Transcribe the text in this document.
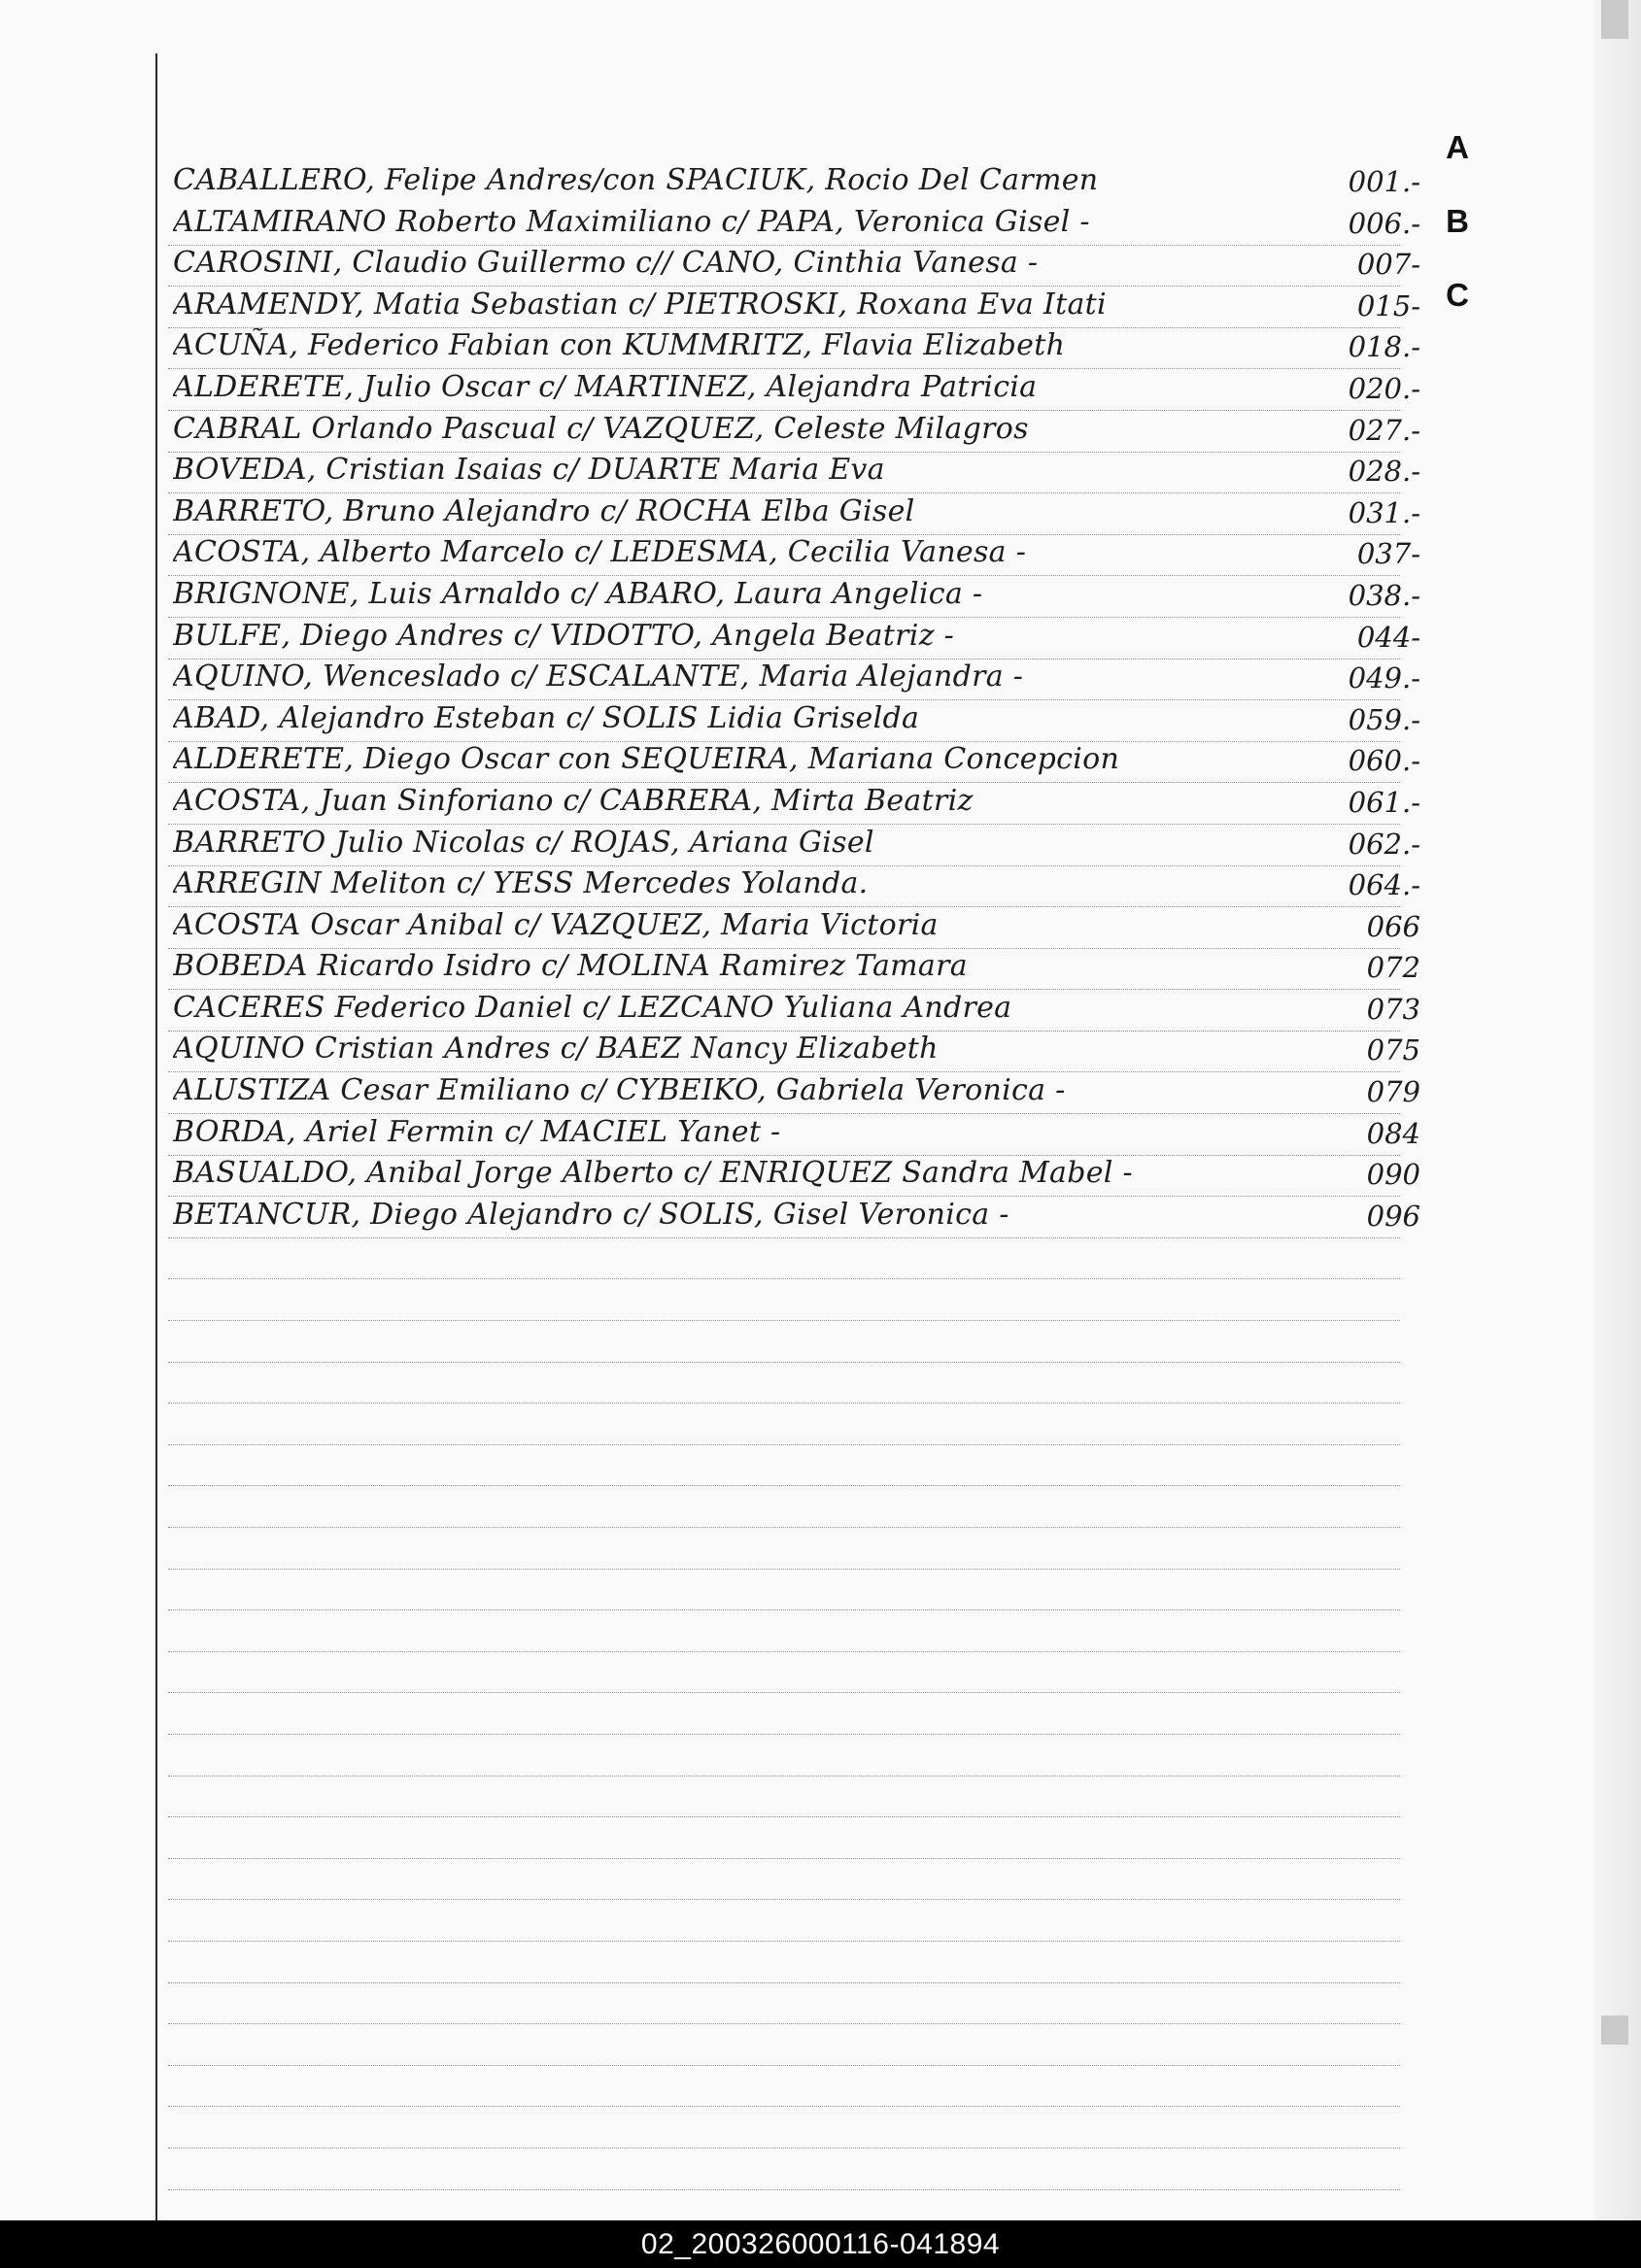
A
B
C
CABALLERO, Felipe Andres/con SPACIUK, Rocio Del Carmen	001.-
ALTAMIRANO Roberto Maximiliano c/ PAPA, Veronica Gisel -	006.-
CAROSINI, Claudio Guillermo c// CANO, Cinthia Vanesa -	007-
ARAMENDY, Matia Sebastian c/ PIETROSKI, Roxana Eva Itati	015-
ACUÑA, Federico Fabian con KUMMRITZ, Flavia Elizabeth	018.-
ALDERETE, Julio Oscar c/ MARTINEZ, Alejandra Patricia	020.-
CABRAL Orlando Pascual c/ VAZQUEZ, Celeste Milagros	027.-
BOVEDA, Cristian Isaias c/ DUARTE Maria Eva	028.-
BARRETO, Bruno Alejandro c/ ROCHA Elba Gisel	031.-
ACOSTA, Alberto Marcelo c/ LEDESMA, Cecilia Vanesa -	037-
BRIGNONE, Luis Arnaldo c/ ABARO, Laura Angelica -	038.-
BULFE, Diego Andres c/ VIDOTTO, Angela Beatriz -	044-
AQUINO, Wenceslado c/ ESCALANTE, Maria Alejandra -	049.-
ABAD, Alejandro Esteban c/ SOLIS Lidia Griselda	059.-
ALDERETE, Diego Oscar con SEQUEIRA, Mariana Concepcion	060.-
ACOSTA, Juan Sinforiano c/ CABRERA, Mirta Beatriz	061.-
BARRETO Julio Nicolas c/ ROJAS, Ariana Gisel	062.-
ARREGIN Meliton c/ YESS Mercedes Yolanda.	064.-
ACOSTA Oscar Anibal c/ VAZQUEZ, Maria Victoria	066
BOBEDA Ricardo Isidro c/ MOLINA Ramirez Tamara	072
CACERES Federico Daniel c/ LEZCANO Yuliana Andrea	073
AQUINO Cristian Andres c/ BAEZ Nancy Elizabeth	075
ALUSTIZA Cesar Emiliano c/ CYBEIKO, Gabriela Veronica -	079
BORDA, Ariel Fermin c/ MACIEL Yanet -	084
BASUALDO, Anibal Jorge Alberto c/ ENRIQUEZ Sandra Mabel -	090
BETANCUR, Diego Alejandro c/ SOLIS, Gisel Veronica -	096
02_200326000116-041894
